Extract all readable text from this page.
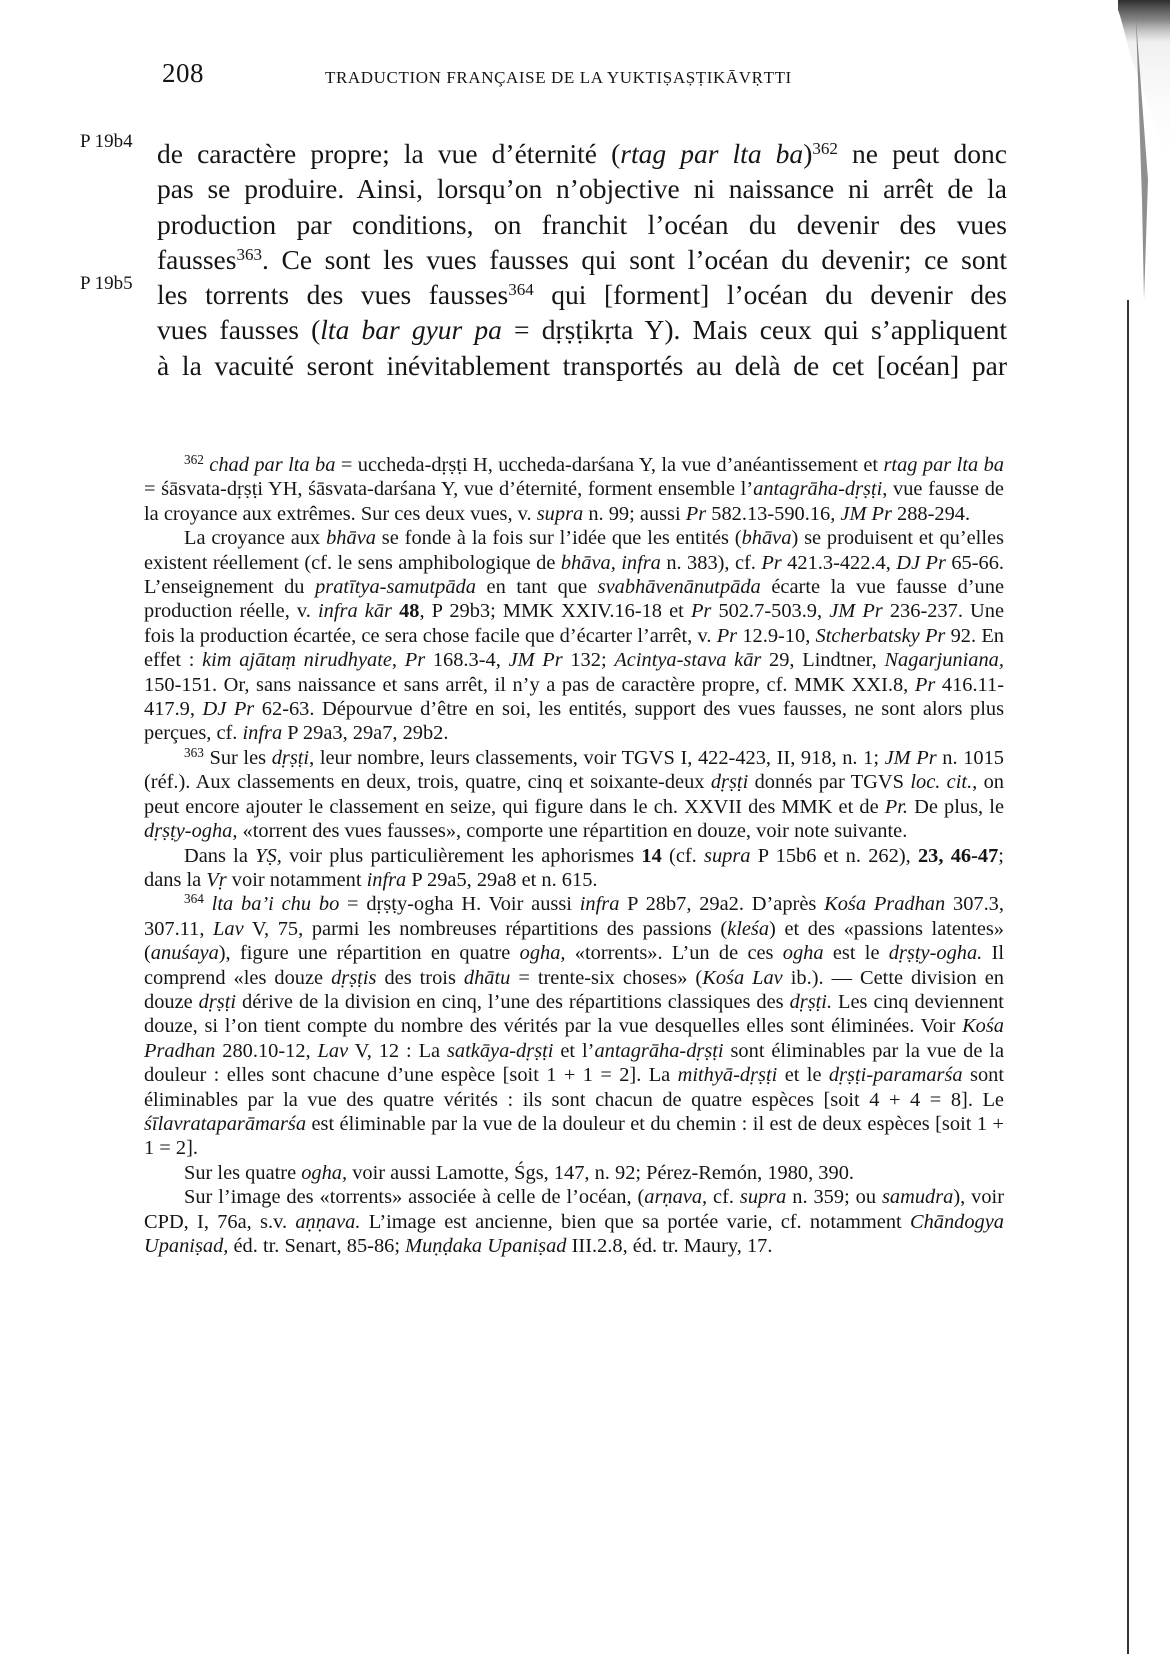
208	TRADUCTION FRANÇAISE DE LA YUKTIṢAṢṬIKĀVṚTTI
P 19b4
P 19b5
de caractère propre; la vue d’éternité (rtag par lta ba)$^{362}$ ne peut donc
pas se produire. Ainsi, lorsqu’on n’objective ni naissance ni arrêt de la
production par conditions, on franchit l’océan du devenir des vues
fausses$^{363}$. Ce sont les vues fausses qui sont l’océan du devenir; ce sont
les torrents des vues fausses$^{364}$ qui [forment] l’océan du devenir des
vues fausses (lta bar gyur pa = dṛṣṭikṛta Y). Mais ceux qui s’appliquent
à la vacuité seront inévitablement transportés au delà de cet [océan] par

$^{362}$ chad par lta ba = uccheda-dṛṣṭi H, uccheda-darśana Y, la vue d’anéantissement et rtag par lta ba = śāsvata-dṛṣṭi YH, śāsvata-darśana Y, vue d’éternité, forment ensemble l’antagrāha-dṛṣṭi, vue fausse de la croyance aux extrêmes. Sur ces deux vues, v. supra n. 99; aussi Pr 582.13-590.16, JM Pr 288-294.

La croyance aux bhāva se fonde à la fois sur l’idée que les entités (bhāva) se produisent et qu’elles existent réellement (cf. le sens amphibologique de bhāva, infra n. 383), cf. Pr 421.3-422.4, DJ Pr 65-66. L’enseignement du pratītya-samutpāda en tant que svabhāvenānutpāda écarte la vue fausse d’une production réelle, v. infra kār 48, P 29b3; MMK XXIV.16-18 et Pr 502.7-503.9, JM Pr 236-237. Une fois la production écartée, ce sera chose facile que d’écarter l’arrêt, v. Pr 12.9-10, Stcherbatsky Pr 92. En effet : kim ajātaṃ nirudhyate, Pr 168.3-4, JM Pr 132; Acintya-stava kār 29, Lindtner, Nagarjuniana, 150-151. Or, sans naissance et sans arrêt, il n’y a pas de caractère propre, cf. MMK XXI.8, Pr 416.11-417.9, DJ Pr 62-63. Dépourvue d’être en soi, les entités, support des vues fausses, ne sont alors plus perçues, cf. infra P 29a3, 29a7, 29b2.

$^{363}$ Sur les dṛṣṭi, leur nombre, leurs classements, voir TGVS I, 422-423, II, 918, n. 1; JM Pr n. 1015 (réf.). Aux classements en deux, trois, quatre, cinq et soixante-deux dṛṣṭi donnés par TGVS loc. cit., on peut encore ajouter le classement en seize, qui figure dans le ch. XXVII des MMK et de Pr. De plus, le dṛṣṭy-ogha, «torrent des vues fausses», comporte une répartition en douze, voir note suivante.

Dans la YṢ, voir plus particulièrement les aphorismes 14 (cf. supra P 15b6 et n. 262), 23, 46-47; dans la Vṛ voir notamment infra P 29a5, 29a8 et n. 615.

$^{364}$ lta ba’i chu bo = dṛṣṭy-ogha H. Voir aussi infra P 28b7, 29a2. D’après Kośa Pradhan 307.3, 307.11, Lav V, 75, parmi les nombreuses répartitions des passions (kleśa) et des «passions latentes» (anuśaya), figure une répartition en quatre ogha, «torrents». L’un de ces ogha est le dṛṣṭy-ogha. Il comprend «les douze dṛṣṭis des trois dhātu = trente-six choses» (Kośa Lav ib.). — Cette division en douze dṛṣṭi dérive de la division en cinq, l’une des répartitions classiques des dṛṣṭi. Les cinq deviennent douze, si l’on tient compte du nombre des vérités par la vue desquelles elles sont éliminées. Voir Kośa Pradhan 280.10-12, Lav V, 12 : La satkāya-dṛṣṭi et l’antagrāha-dṛṣṭi sont éliminables par la vue de la douleur : elles sont chacune d’une espèce [soit 1 + 1 = 2]. La mithyā-dṛṣṭi et le dṛṣṭi-paramarśa sont éliminables par la vue des quatre vérités : ils sont chacun de quatre espèces [soit 4 + 4 = 8]. Le śīlavrataparāmarśa est éliminable par la vue de la douleur et du chemin : il est de deux espèces [soit 1 + 1 = 2].

Sur les quatre ogha, voir aussi Lamotte, Śgs, 147, n. 92; Pérez-Remón, 1980, 390.

Sur l’image des «torrents» associée à celle de l’océan, (arṇava, cf. supra n. 359; ou samudra), voir CPD, I, 76a, s.v. aṇṇava. L’image est ancienne, bien que sa portée varie, cf. notamment Chāndogya Upaniṣad, éd. tr. Senart, 85-86; Muṇḍaka Upaniṣad III.2.8, éd. tr. Maury, 17.
